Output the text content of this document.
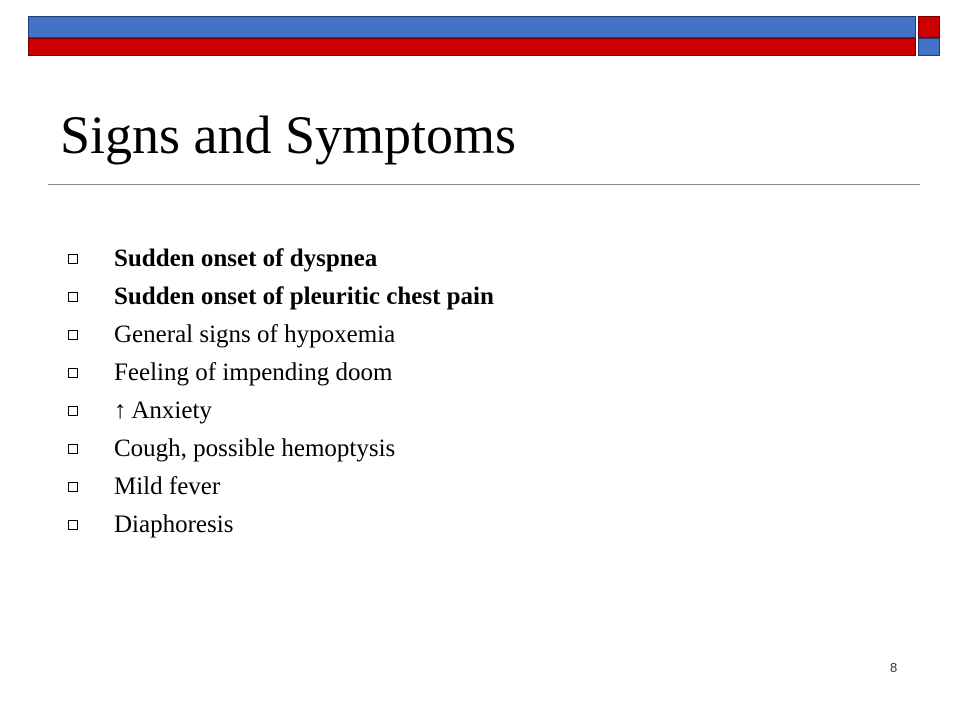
Signs and Symptoms
Sudden onset of dyspnea
Sudden onset of pleuritic chest pain
General signs of hypoxemia
Feeling of impending doom
↑ Anxiety
Cough, possible hemoptysis
Mild fever
Diaphoresis
8
